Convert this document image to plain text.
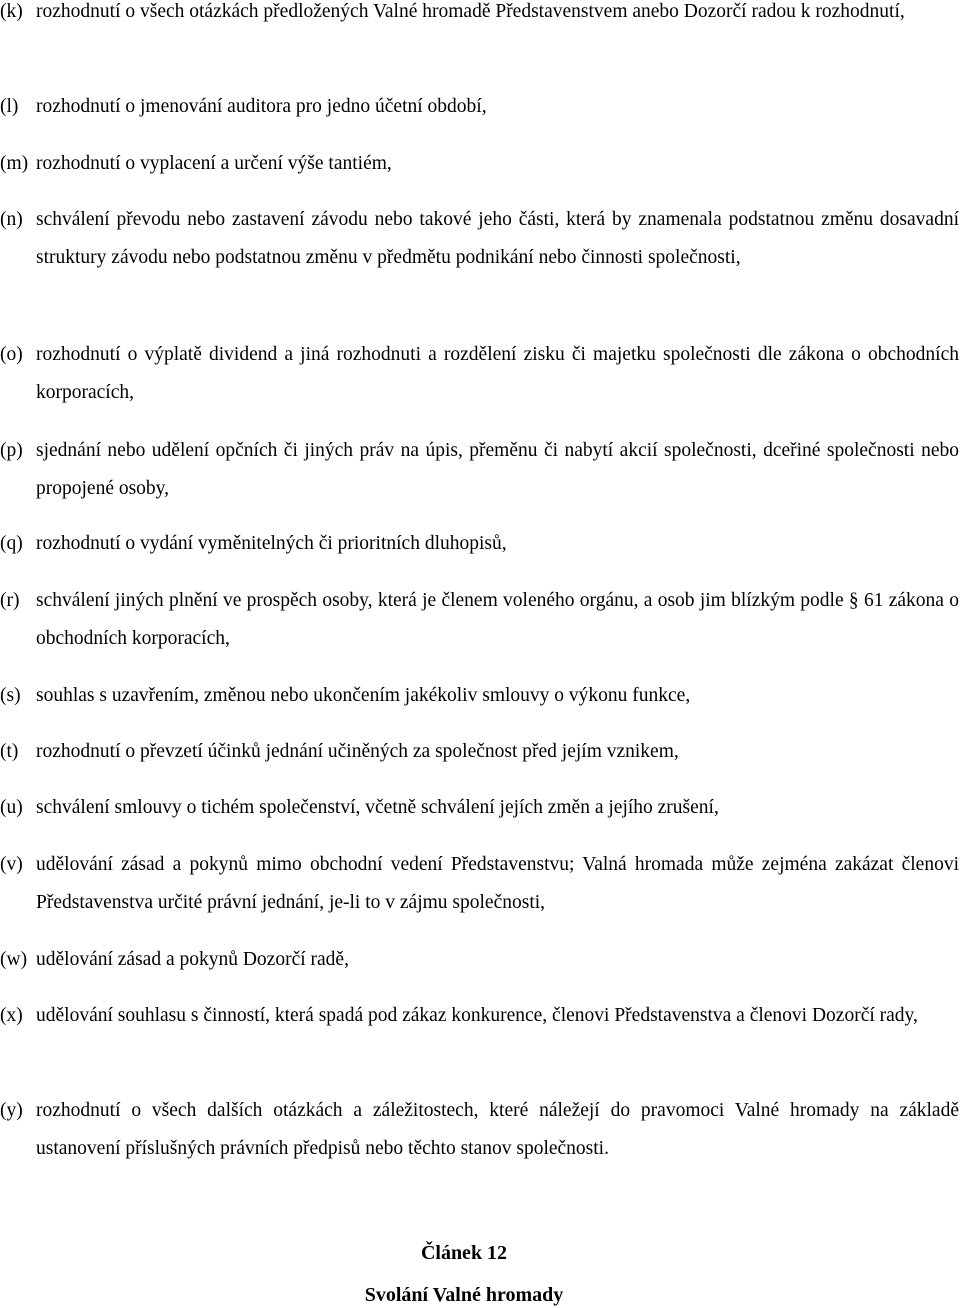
(k) rozhodnutí o všech otázkách předložených Valné hromadě Představenstvem anebo Dozorčí radou k rozhodnutí,
(l) rozhodnutí o jmenování auditora pro jedno účetní období,
(m) rozhodnutí o vyplacení a určení výše tantiém,
(n) schválení převodu nebo zastavení závodu nebo takové jeho části, která by znamenala podstatnou změnu dosavadní struktury závodu nebo podstatnou změnu v předmětu podnikání nebo činnosti společnosti,
(o) rozhodnutí o výplatě dividend a jiná rozhodnuti a rozdělení zisku či majetku společnosti dle zákona o obchodních korporacích,
(p) sjednání nebo udělení opčních či jiných práv na úpis, přeměnu či nabytí akcií společnosti, dceřiné společnosti nebo propojené osoby,
(q) rozhodnutí o vydání vyměnitelných či prioritních dluhopisů,
(r) schválení jiných plnění ve prospěch osoby, která je členem voleného orgánu, a osob jim blízkým podle § 61 zákona o obchodních korporacích,
(s) souhlas s uzavřením, změnou nebo ukončením jakékoliv smlouvy o výkonu funkce,
(t) rozhodnutí o převzetí účinků jednání učiněných za společnost před jejím vznikem,
(u) schválení smlouvy o tichém společenství, včetně schválení jejích změn a jejího zrušení,
(v) udělování zásad a pokynů mimo obchodní vedení Představenstvu; Valná hromada může zejména zakázat členovi Představenstva určité právní jednání, je-li to v zájmu společnosti,
(w) udělování zásad a pokynů Dozorčí radě,
(x) udělování souhlasu s činností, která spadá pod zákaz konkurence, členovi Představenstva a členovi Dozorčí rady,
(y) rozhodnutí o všech dalších otázkách a záležitostech, které náležejí do pravomoci Valné hromady na základě ustanovení příslušných právních předpisů nebo těchto stanov společnosti.
Článek 12
Svolání Valné hromady
